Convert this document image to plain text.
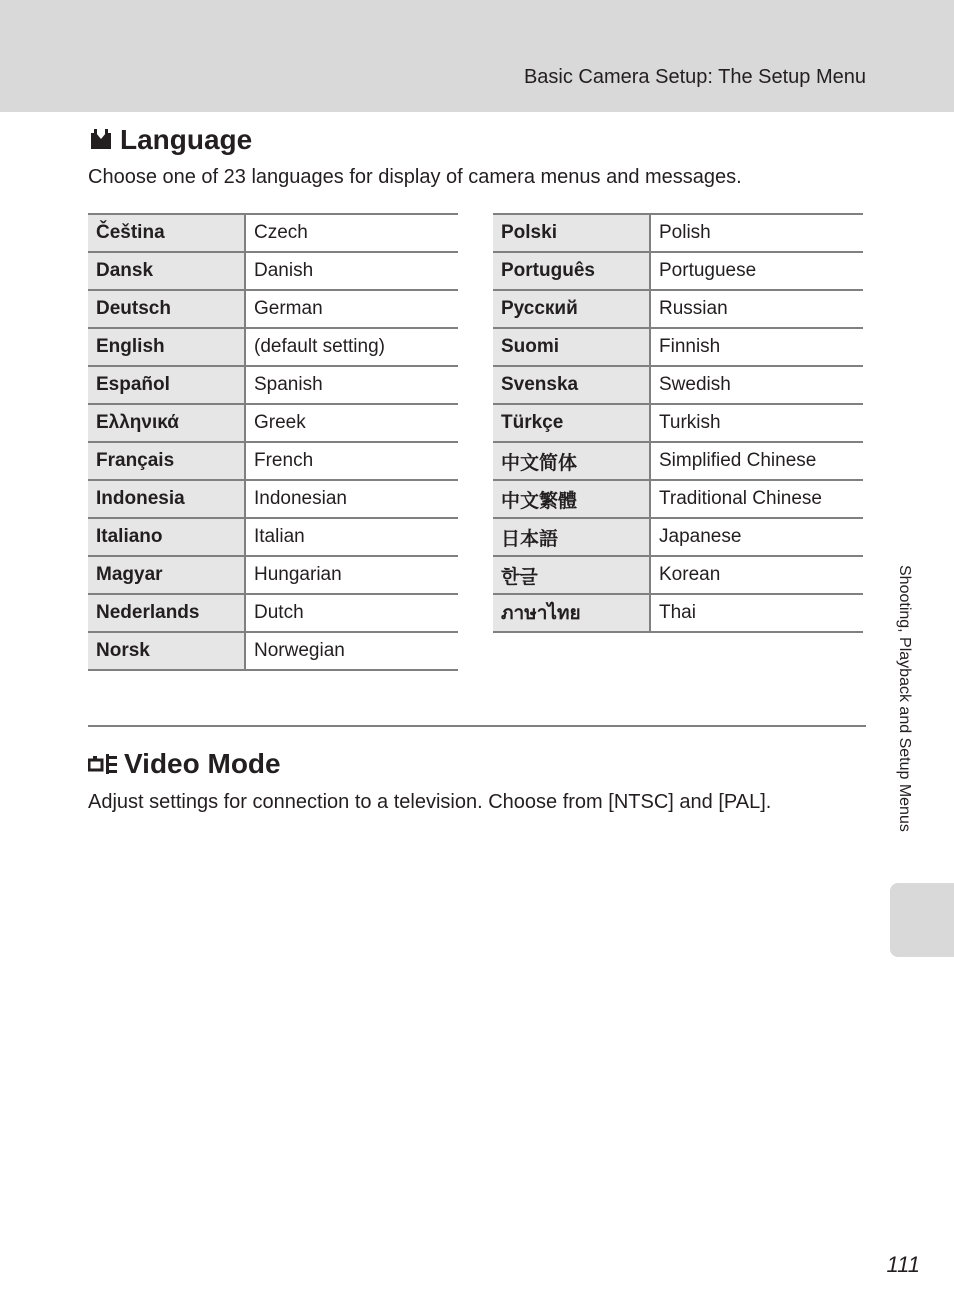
Basic Camera Setup: The Setup Menu
Language

Choose one of 23 languages for display of camera menus and messages.

Čeština	Czech
Dansk	Danish
Deutsch	German
English	(default setting)
Español	Spanish
Ελληνικά	Greek
Français	French
Indonesia	Indonesian
Italiano	Italian
Magyar	Hungarian
Nederlands	Dutch
Norsk	Norwegian
Polski	Polish
Português	Portuguese
Русский	Russian
Suomi	Finnish
Svenska	Swedish
Türkçe	Turkish
中文简体	Simplified Chinese
中文繁體	Traditional Chinese
日本語	Japanese
한글	Korean
ภาษาไทย	Thai
Video Mode

Adjust settings for connection to a television. Choose from [NTSC] and [PAL].	Shooting, Playback and Setup Menus
111
